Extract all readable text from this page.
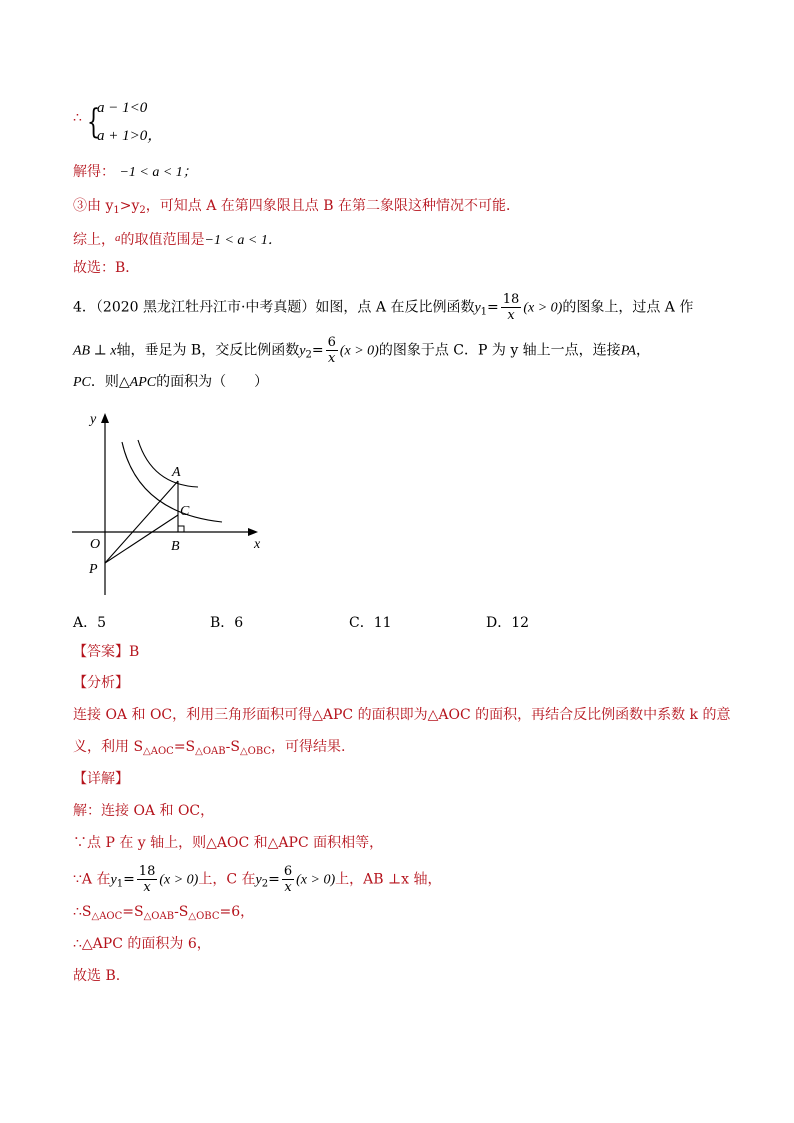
∴ {
a − 1<0
a + 1>0，
解得： −1 < a < 1；
③由 $y_1>y_2$，可知点 A 在第四象限且点 B 在第二象限这种情况不可能．
综上，$^a$的取值范围是−1 < a < 1．
故选：B．
4．（2020 黑龙江牡丹江市·中考真题）如图，点 A 在反比例函数$y_1= \frac{18}{x} (x > 0)$的图象上，过点 A 作
AB ⊥ x轴，垂足为 B，交反比例函数$y_2= \frac{6}{x} (x > 0)$的图象于点 C．P 为 y 轴上一点，连接PA，
PC．则△APC的面积为（　　）
y
x
O
A
C
B
P
A．5	B．6	C．11	D．12
【答案】B
【分析】
连接 OA 和 OC，利用三角形面积可得△APC 的面积即为△AOC 的面积，再结合反比例函数中系数 k 的意
义，利用 $S_{\triangle AOC}=S_{\triangle OAB}-S_{\triangle OBC}$，可得结果.
【详解】
解：连接 OA 和 OC，
∵点 P 在 y 轴上，则△AOC 和△APC 面积相等，
∵A 在$y_1= \frac{18}{x} (x > 0)$上，C 在$y_2= \frac{6}{x} (x > 0)$上，AB ⊥x 轴，
$\therefore S_{\triangle AOC}=S_{\triangle OAB}-S_{\triangle OBC}=6$，
∴△APC 的面积为 6，
故选 B.
